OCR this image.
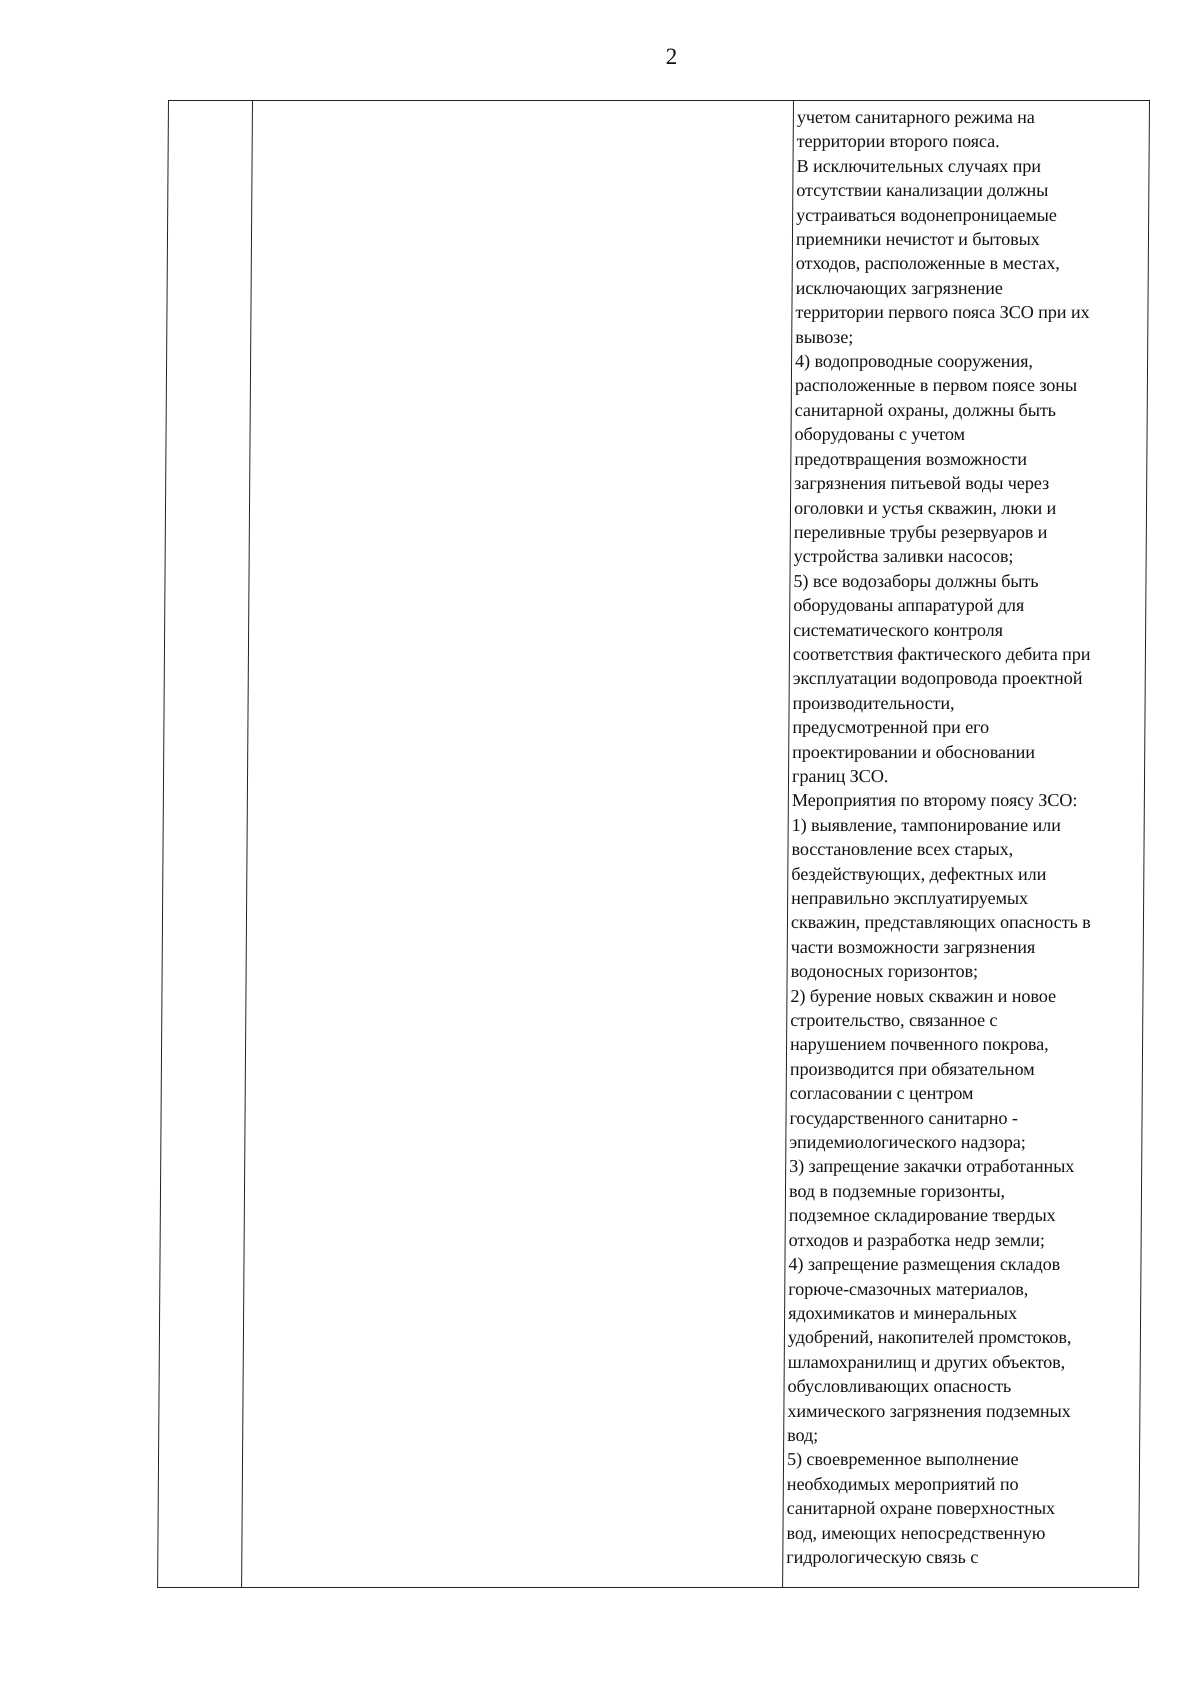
2
учетом санитарного режима на
территории второго пояса.
В исключительных случаях при
отсутствии канализации должны
устраиваться водонепроницаемые
приемники нечистот и бытовых
отходов, расположенные в местах,
исключающих загрязнение
территории первого пояса ЗСО при их
вывозе;
4) водопроводные сооружения,
расположенные в первом поясе зоны
санитарной охраны, должны быть
оборудованы с учетом
предотвращения возможности
загрязнения питьевой воды через
оголовки и устья скважин, люки и
переливные трубы резервуаров и
устройства заливки насосов;
5) все водозаборы должны быть
оборудованы аппаратурой для
систематического контроля
соответствия фактического дебита при
эксплуатации водопровода проектной
производительности,
предусмотренной при его
проектировании и обосновании
границ ЗСО.
Мероприятия по второму поясу ЗСО:
1) выявление, тампонирование или
восстановление всех старых,
бездействующих, дефектных или
неправильно эксплуатируемых
скважин, представляющих опасность в
части возможности загрязнения
водоносных горизонтов;
2) бурение новых скважин и новое
строительство, связанное с
нарушением почвенного покрова,
производится при обязательном
согласовании с центром
государственного санитарно -
эпидемиологического надзора;
3) запрещение закачки отработанных
вод в подземные горизонты,
подземное складирование твердых
отходов и разработка недр земли;
4) запрещение размещения складов
горюче-смазочных материалов,
ядохимикатов и минеральных
удобрений, накопителей промстоков,
шламохранилищ и других объектов,
обусловливающих опасность
химического загрязнения подземных
вод;
5) своевременное выполнение
необходимых мероприятий по
санитарной охране поверхностных
вод, имеющих непосредственную
гидрологическую связь с
